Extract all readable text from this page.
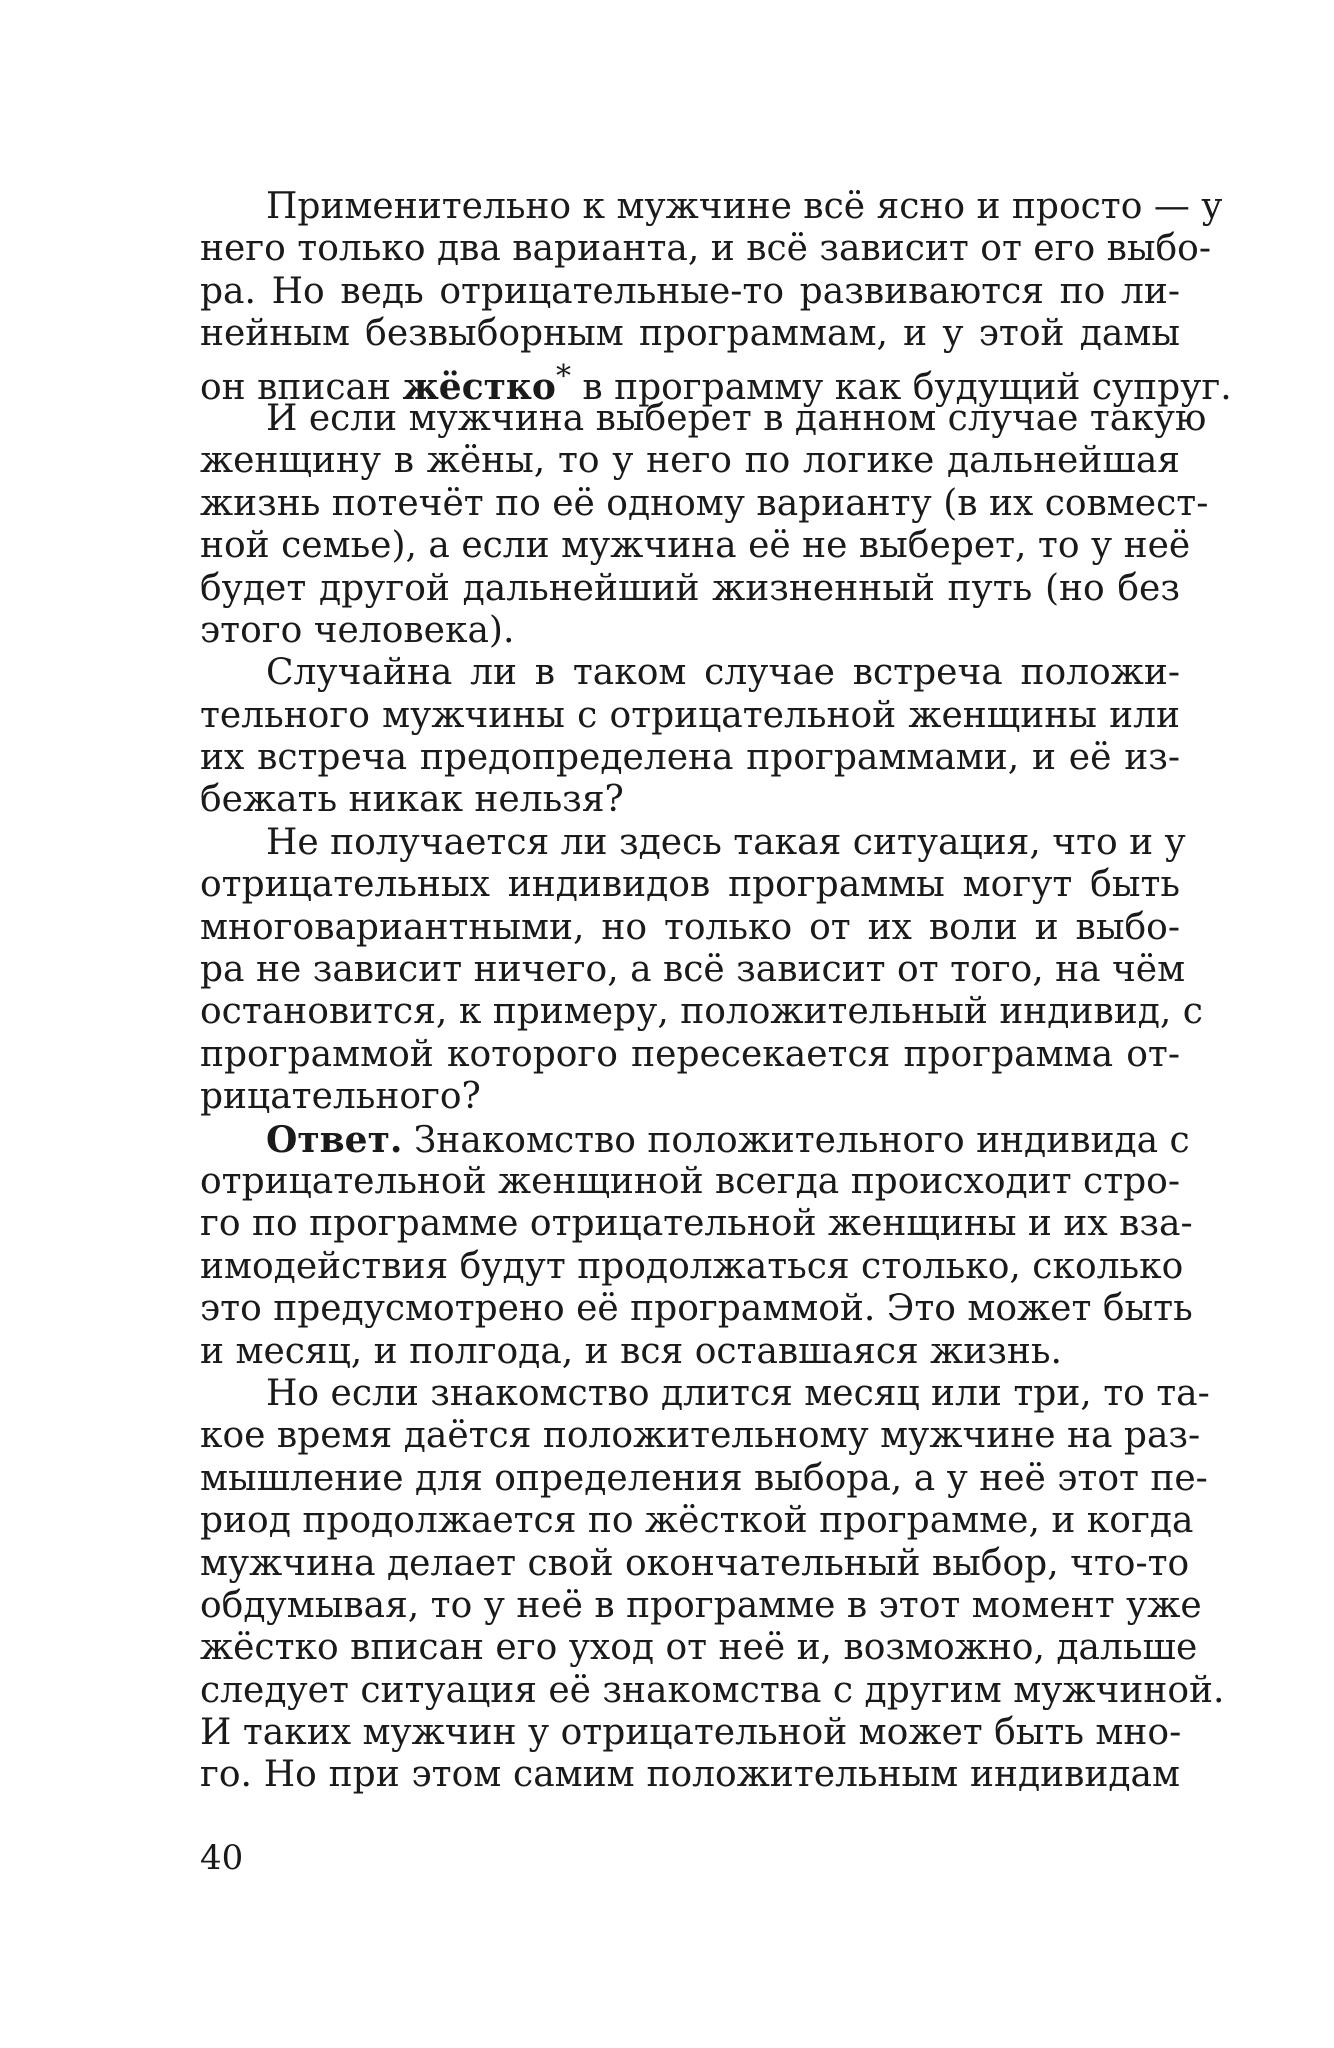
Применительно к мужчине всё ясно и просто — у
него только два варианта, и всё зависит от его выбо-
ра. Но ведь отрицательные-то развиваются по ли-
нейным безвыборным программам, и у этой дамы
он вписан жёстко* в программу как будущий супруг.
И если мужчина выберет в данном случае такую
женщину в жёны, то у него по логике дальнейшая
жизнь потечёт по её одному варианту (в их совмест-
ной семье), а если мужчина её не выберет, то у неё
будет другой дальнейший жизненный путь (но без
этого человека).
Случайна ли в таком случае встреча положи-
тельного мужчины с отрицательной женщины или
их встреча предопределена программами, и её из-
бежать никак нельзя?
Не получается ли здесь такая ситуация, что и у
отрицательных индивидов программы могут быть
многовариантными, но только от их воли и выбо-
ра не зависит ничего, а всё зависит от того, на чём
остановится, к примеру, положительный индивид, с
программой которого пересекается программа от-
рицательного?
Ответ. Знакомство положительного индивида с
отрицательной женщиной всегда происходит стро-
го по программе отрицательной женщины и их вза-
имодействия будут продолжаться столько, сколько
это предусмотрено её программой. Это может быть
и месяц, и полгода, и вся оставшаяся жизнь.
Но если знакомство длится месяц или три, то та-
кое время даётся положительному мужчине на раз-
мышление для определения выбора, а у неё этот пе-
риод продолжается по жёсткой программе, и когда
мужчина делает свой окончательный выбор, что-то
обдумывая, то у неё в программе в этот момент уже
жёстко вписан его уход от неё и, возможно, дальше
следует ситуация её знакомства с другим мужчиной.
И таких мужчин у отрицательной может быть мно-
го. Но при этом самим положительным индивидам
40
